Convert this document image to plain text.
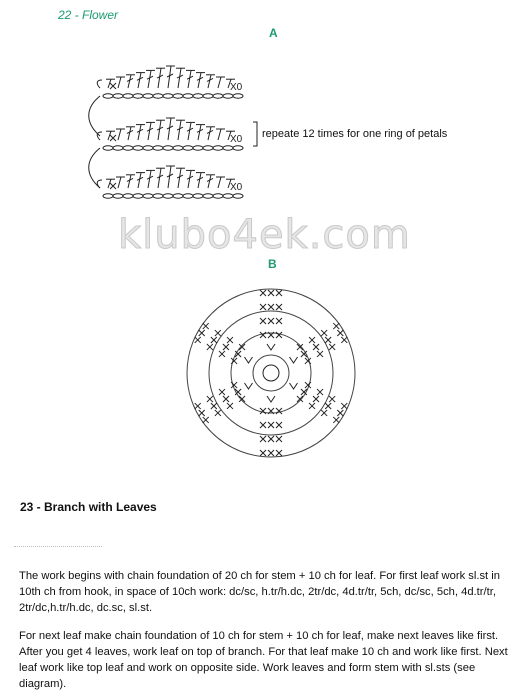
22 - Flower
A
X0
X0
X0
repeate 12 times for one ring of petals
klubo4ek.com
B
23 - Branch with Leaves
The work begins with chain foundation of 20 ch for stem + 10 ch for leaf. For first leaf work sl.st in 10th ch from hook, in space of 10ch work: dc/sc, h.tr/h.dc, 2tr/dc, 4d.tr/tr, 5ch, dc/sc, 5ch, 4d.tr/tr, 2tr/dc,h.tr/h.dc, dc.sc, sl.st.
For next leaf make chain foundation of 10 ch for stem + 10 ch for leaf, make next leaves like first. After you get 4 leaves, work leaf on top of branch. For that leaf make 10 ch and work like first. Next leaf work like top leaf and work on opposite side. Work leaves and form stem with sl.sts (see diagram).
